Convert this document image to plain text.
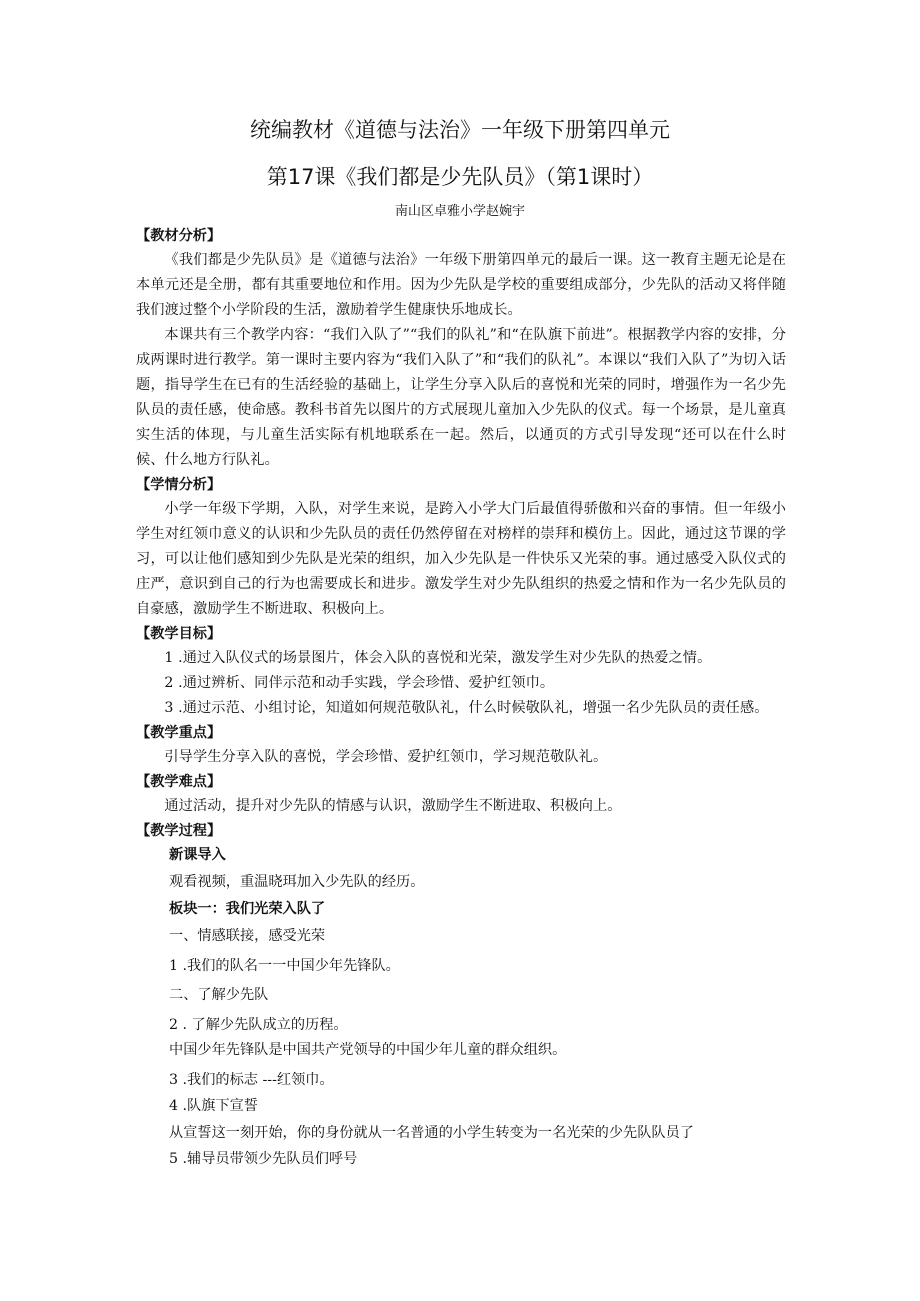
统编教材《道德与法治》一年级下册第四单元
第17课《我们都是少先队员》（第1课时）
南山区卓雅小学赵婉宇

【教材分析】

《我们都是少先队员》是《道德与法治》一年级下册第四单元的最后一课。这一教育主题无论是在本单元还是全册，都有其重要地位和作用。因为少先队是学校的重要组成部分，少先队的活动又将伴随我们渡过整个小学阶段的生活，激励着学生健康快乐地成长。

本课共有三个教学内容：“我们入队了”“我们的队礼”和“在队旗下前进”。根据教学内容的安排，分成两课时进行教学。第一课时主要内容为“我们入队了”和“我们的队礼”。本课以“我们入队了”为切入话题，指导学生在已有的生活经验的基础上，让学生分享入队后的喜悦和光荣的同时，增强作为一名少先队员的责任感，使命感。教科书首先以图片的方式展现儿童加入少先队的仪式。每一个场景，是儿童真实生活的体现，与儿童生活实际有机地联系在一起。然后，以通页的方式引导发现“还可以在什么时候、什么地方行队礼。

【学情分析】

小学一年级下学期，入队，对学生来说，是跨入小学大门后最值得骄傲和兴奋的事情。但一年级小学生对红领巾意义的认识和少先队员的责任仍然停留在对榜样的崇拜和模仿上。因此，通过这节课的学习，可以让他们感知到少先队是光荣的组织，加入少先队是一件快乐又光荣的事。通过感受入队仪式的庄严，意识到自己的行为也需要成长和进步。激发学生对少先队组织的热爱之情和作为一名少先队员的自豪感，激励学生不断进取、积极向上。

【教学目标】

1 .通过入队仪式的场景图片，体会入队的喜悦和光荣，激发学生对少先队的热爱之情。

2 .通过辨析、同伴示范和动手实践，学会珍惜、爱护红领巾。

3 .通过示范、小组讨论，知道如何规范敬队礼，什么时候敬队礼，增强一名少先队员的责任感。

【教学重点】

引导学生分享入队的喜悦，学会珍惜、爱护红领巾，学习规范敬队礼。

【教学难点】

通过活动，提升对少先队的情感与认识，激励学生不断进取、积极向上。

【教学过程】

新课导入

观看视频，重温晓珥加入少先队的经历。

板块一：我们光荣入队了

一、情感联接，感受光荣

1 .我们的队名一一中国少年先锋队。

二、了解少先队

2 . 了解少先队成立的历程。

中国少年先锋队是中国共产党领导的中国少年儿童的群众组织。

3 .我们的标志 ---红领巾。

4 .队旗下宣誓

从宣誓这一刻开始，你的身份就从一名普通的小学生转变为一名光荣的少先队队员了

5 .辅导员带领少先队员们呼号
